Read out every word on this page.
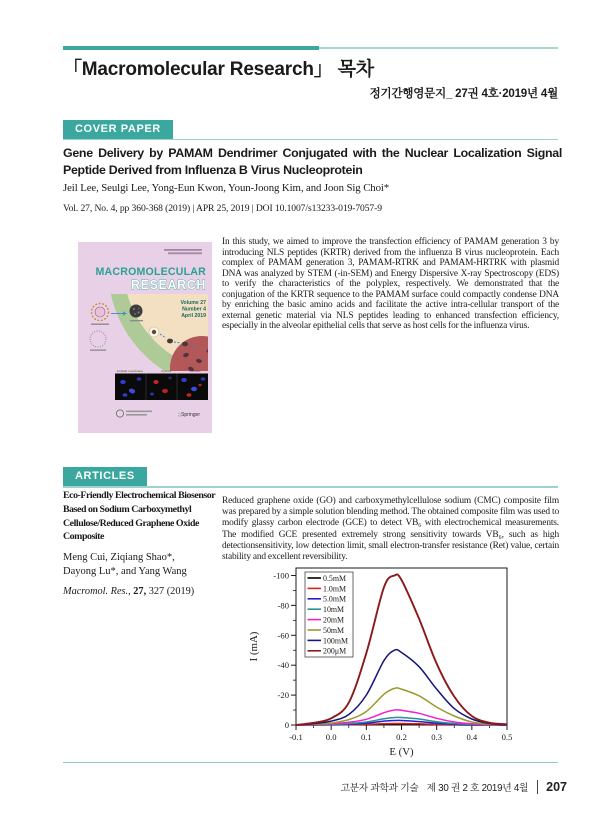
「Macromolecular Research」 목차
정기간행영문지_ 27권 4호·2019년 4월
COVER PAPER
Gene Delivery by PAMAM Dendrimer Conjugated with the Nuclear Localization Signal Peptide Derived from Influenza B Virus Nucleoprotein
Jeil Lee, Seulgi Lee, Yong-Eun Kwon, Youn-Joong Kim, and Joon Sig Choi*
Vol. 27, No. 4, pp 360-368 (2019) | APR 25, 2019 | DOI 10.1007/s13233-019-7057-9
MACROMOLECULAR
RESEARCH
Volume 27
Number 4
April 2019
Cellular membrane	Cytosol	Nucleus
♘ Springer
In this study, we aimed to improve the transfection efficiency of PAMAM generation 3 by introducing NLS peptides (KRTR) derived from the influenza B virus nucleoprotein. Each complex of PAMAM generation 3, PAMAM-RTRK and PAMAM-HRTRK with plasmid DNA was analyzed by STEM (-in-SEM) and Energy Dispersive X-ray Spectroscopy (EDS) to verify the characteristics of the polyplex, respectively. We demonstrated that the conjugation of the KRTR sequence to the PAMAM surface could compactly condense DNA by enriching the basic amino acids and facilitate the active intra-cellular transport of the external genetic material via NLS peptides leading to enhanced transfection efficiency, especially in the alveolar epithelial cells that serve as host cells for the influenza virus.
ARTICLES
Eco-Friendly Electrochemical Biosensor Based on Sodium Carboxymethyl Cellulose/Reduced Graphene Oxide Composite
Meng Cui, Ziqiang Shao*,
Dayong Lu*, and Yang Wang
Macromol. Res., 27, 327 (2019)
Reduced graphene oxide (GO) and carboxymethylcellulose sodium (CMC) composite film was prepared by a simple solution blending method. The obtained composite film was used to modify glassy carbon electrode (GCE) to detect VB₆ with electrochemical measurements. The modified GCE presented extremely strong sensitivity towards VB₆, such as high detectionsensitivity, low detection limit, small electron-transfer resistance (Ret) value, certain stability and excellent reversibility.
-0.1	0.0	0.1	0.2	0.3	0.4	0.5
0
-20
-40
-60
-80
-100
E (V)
I (mA)
0.5mM
1.0mM
5.0mM
10mM
20mM
50mM
100mM
200μM
고분자 과학과 기술 제 30 권 2 호 2019년 4월 207
